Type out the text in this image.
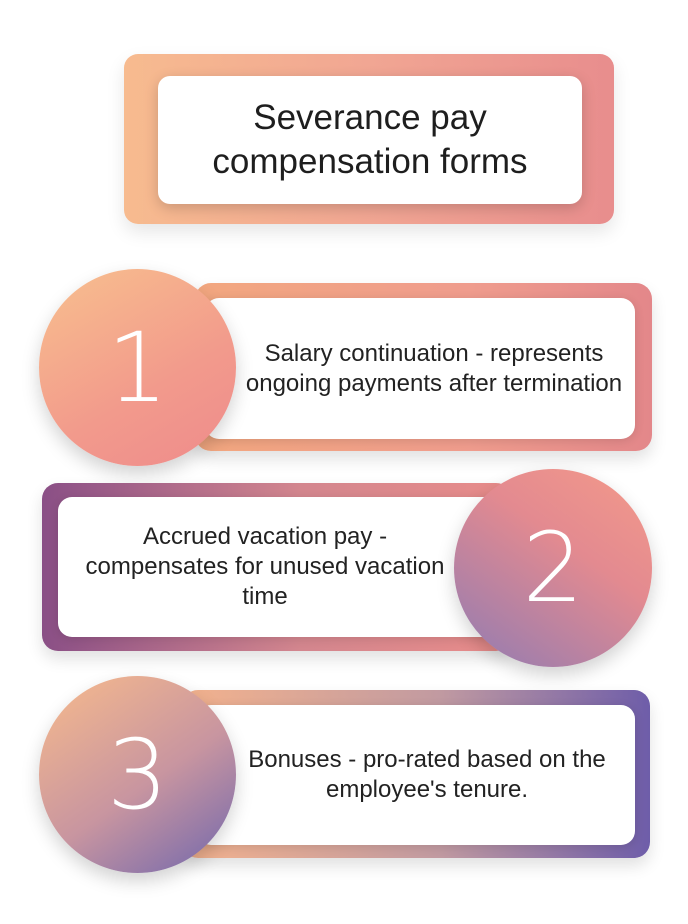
Severance pay compensation forms
Salary continuation - represents ongoing payments after termination
1
Accrued vacation pay - compensates for unused vacation time	2
Bonuses - pro-rated based on the employee's tenure.
3
